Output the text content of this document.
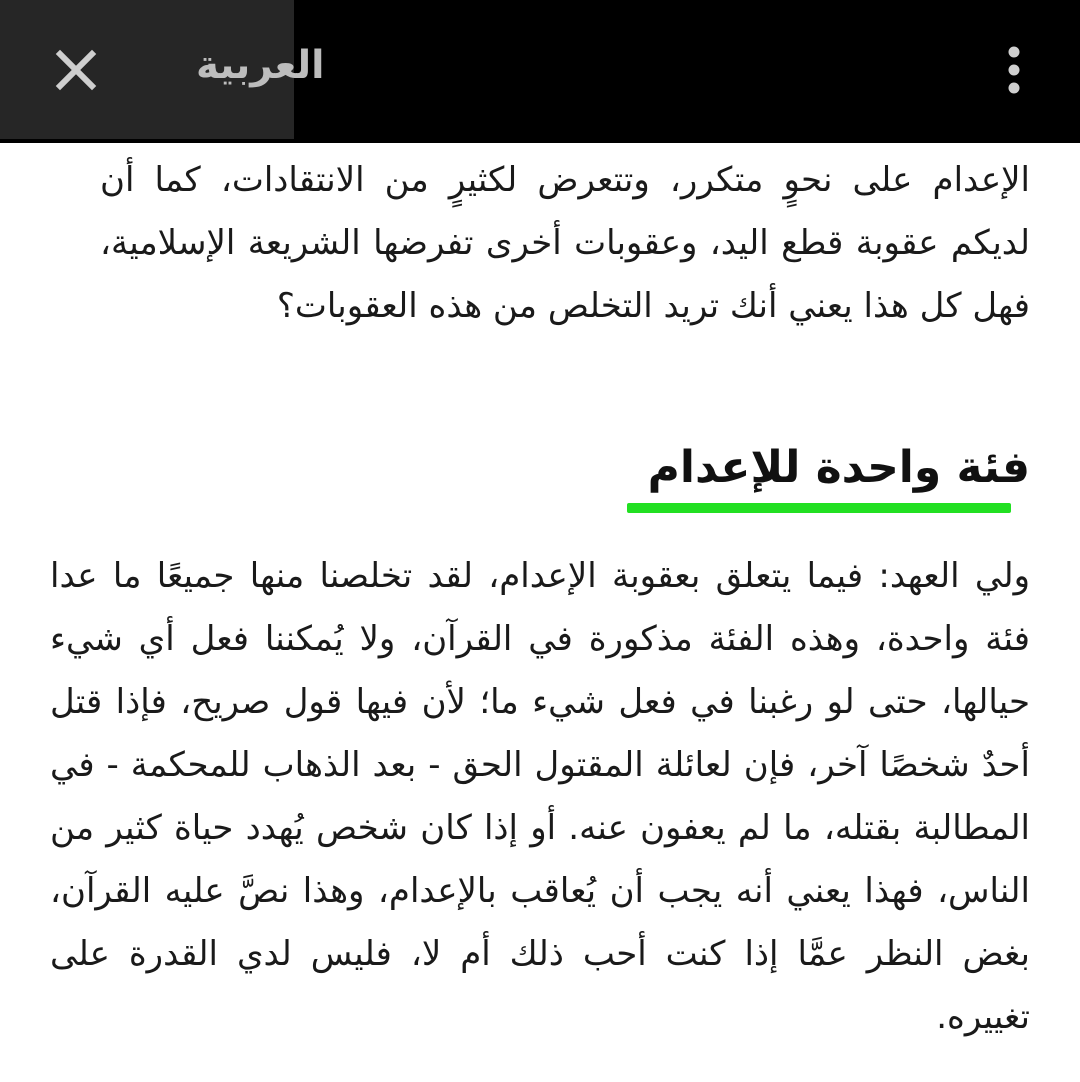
العربية

الإعدام على نحوٍ متكرر، وتتعرض لكثيرٍ من الانتقادات، كما أن لديكم عقوبة قطع اليد، وعقوبات أخرى تفرضها الشريعة الإسلامية، فهل كل هذا يعني أنك تريد التخلص من هذه العقوبات؟

فئة واحدة للإعدام

ولي العهد: فيما يتعلق بعقوبة الإعدام، لقد تخلصنا منها جميعًا ما عدا فئة واحدة، وهذه الفئة مذكورة في القرآن، ولا يُمكننا فعل أي شيء حيالها، حتى لو رغبنا في فعل شيء ما؛ لأن فيها قول صريح، فإذا قتل أحدٌ شخصًا آخر، فإن لعائلة المقتول الحق - بعد الذهاب للمحكمة - في المطالبة بقتله، ما لم يعفون عنه. أو إذا كان شخص يُهدد حياة كثير من الناس، فهذا يعني أنه يجب أن يُعاقب بالإعدام، وهذا نصَّ عليه القرآن، بغض النظر عمَّا إذا كنت أحب ذلك أم لا، فليس لدي القدرة على تغييره.
